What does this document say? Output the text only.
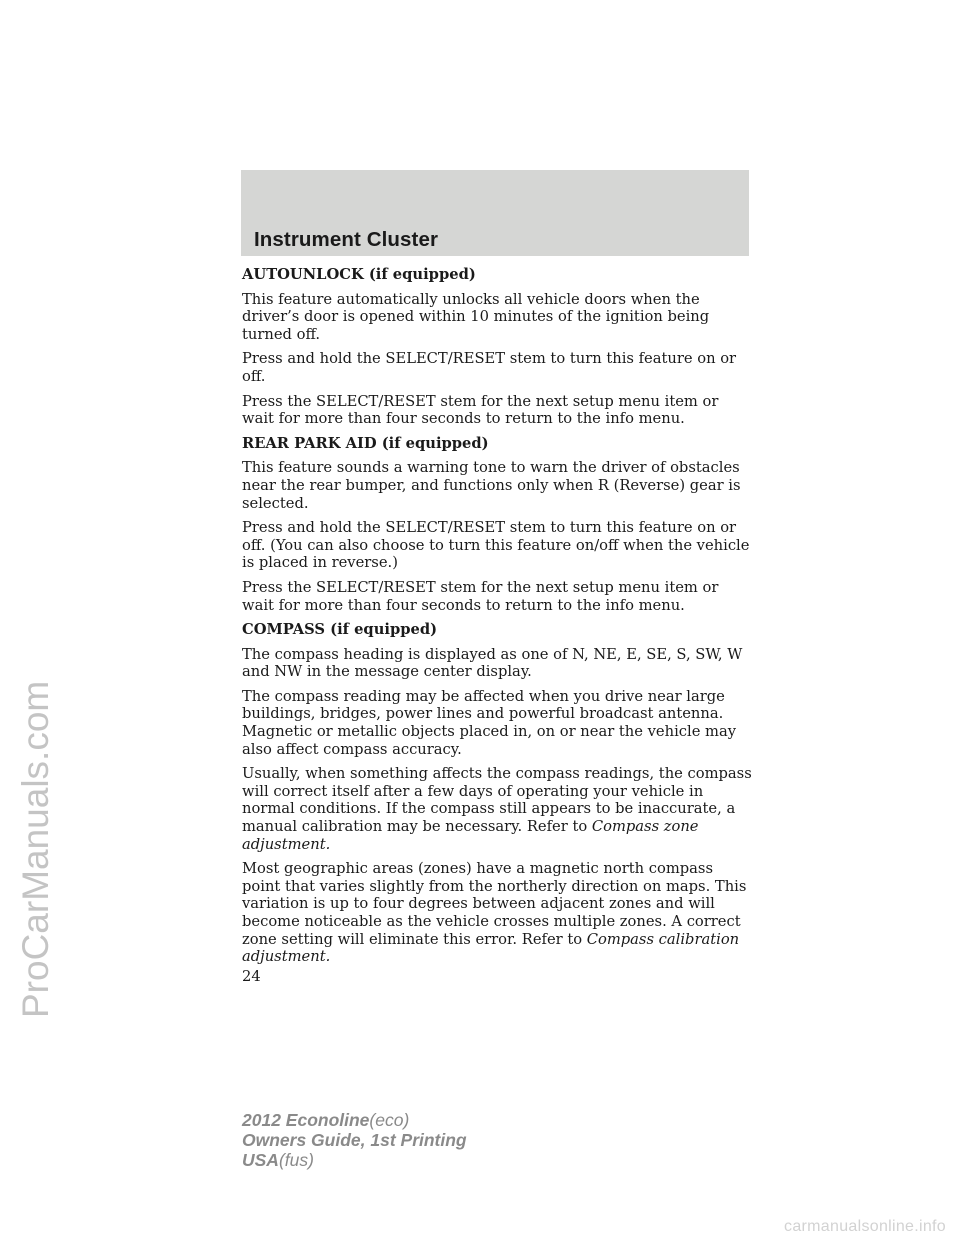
ProCarManuals.com
Instrument Cluster

AUTOUNLOCK (if equipped)

This feature automatically unlocks all vehicle doors when the driver’s door is opened within 10 minutes of the ignition being turned off.

Press and hold the SELECT/RESET stem to turn this feature on or off.

Press the SELECT/RESET stem for the next setup menu item or wait for more than four seconds to return to the info menu.

REAR PARK AID (if equipped)

This feature sounds a warning tone to warn the driver of obstacles near the rear bumper, and functions only when R (Reverse) gear is selected.

Press and hold the SELECT/RESET stem to turn this feature on or off. (You can also choose to turn this feature on/off when the vehicle is placed in reverse.)

Press the SELECT/RESET stem for the next setup menu item or wait for more than four seconds to return to the info menu.

COMPASS (if equipped)

The compass heading is displayed as one of N, NE, E, SE, S, SW, W and NW in the message center display.

The compass reading may be affected when you drive near large buildings, bridges, power lines and powerful broadcast antenna. Magnetic or metallic objects placed in, on or near the vehicle may also affect compass accuracy.

Usually, when something affects the compass readings, the compass will correct itself after a few days of operating your vehicle in normal conditions. If the compass still appears to be inaccurate, a manual calibration may be necessary. Refer to Compass zone adjustment.

Most geographic areas (zones) have a magnetic north compass point that varies slightly from the northerly direction on maps. This variation is up to four degrees between adjacent zones and will become noticeable as the vehicle crosses multiple zones. A correct zone setting will eliminate this error. Refer to Compass calibration adjustment.

24
2012 Econoline(eco)
Owners Guide, 1st Printing
USA(fus)
carmanualsonline.info
